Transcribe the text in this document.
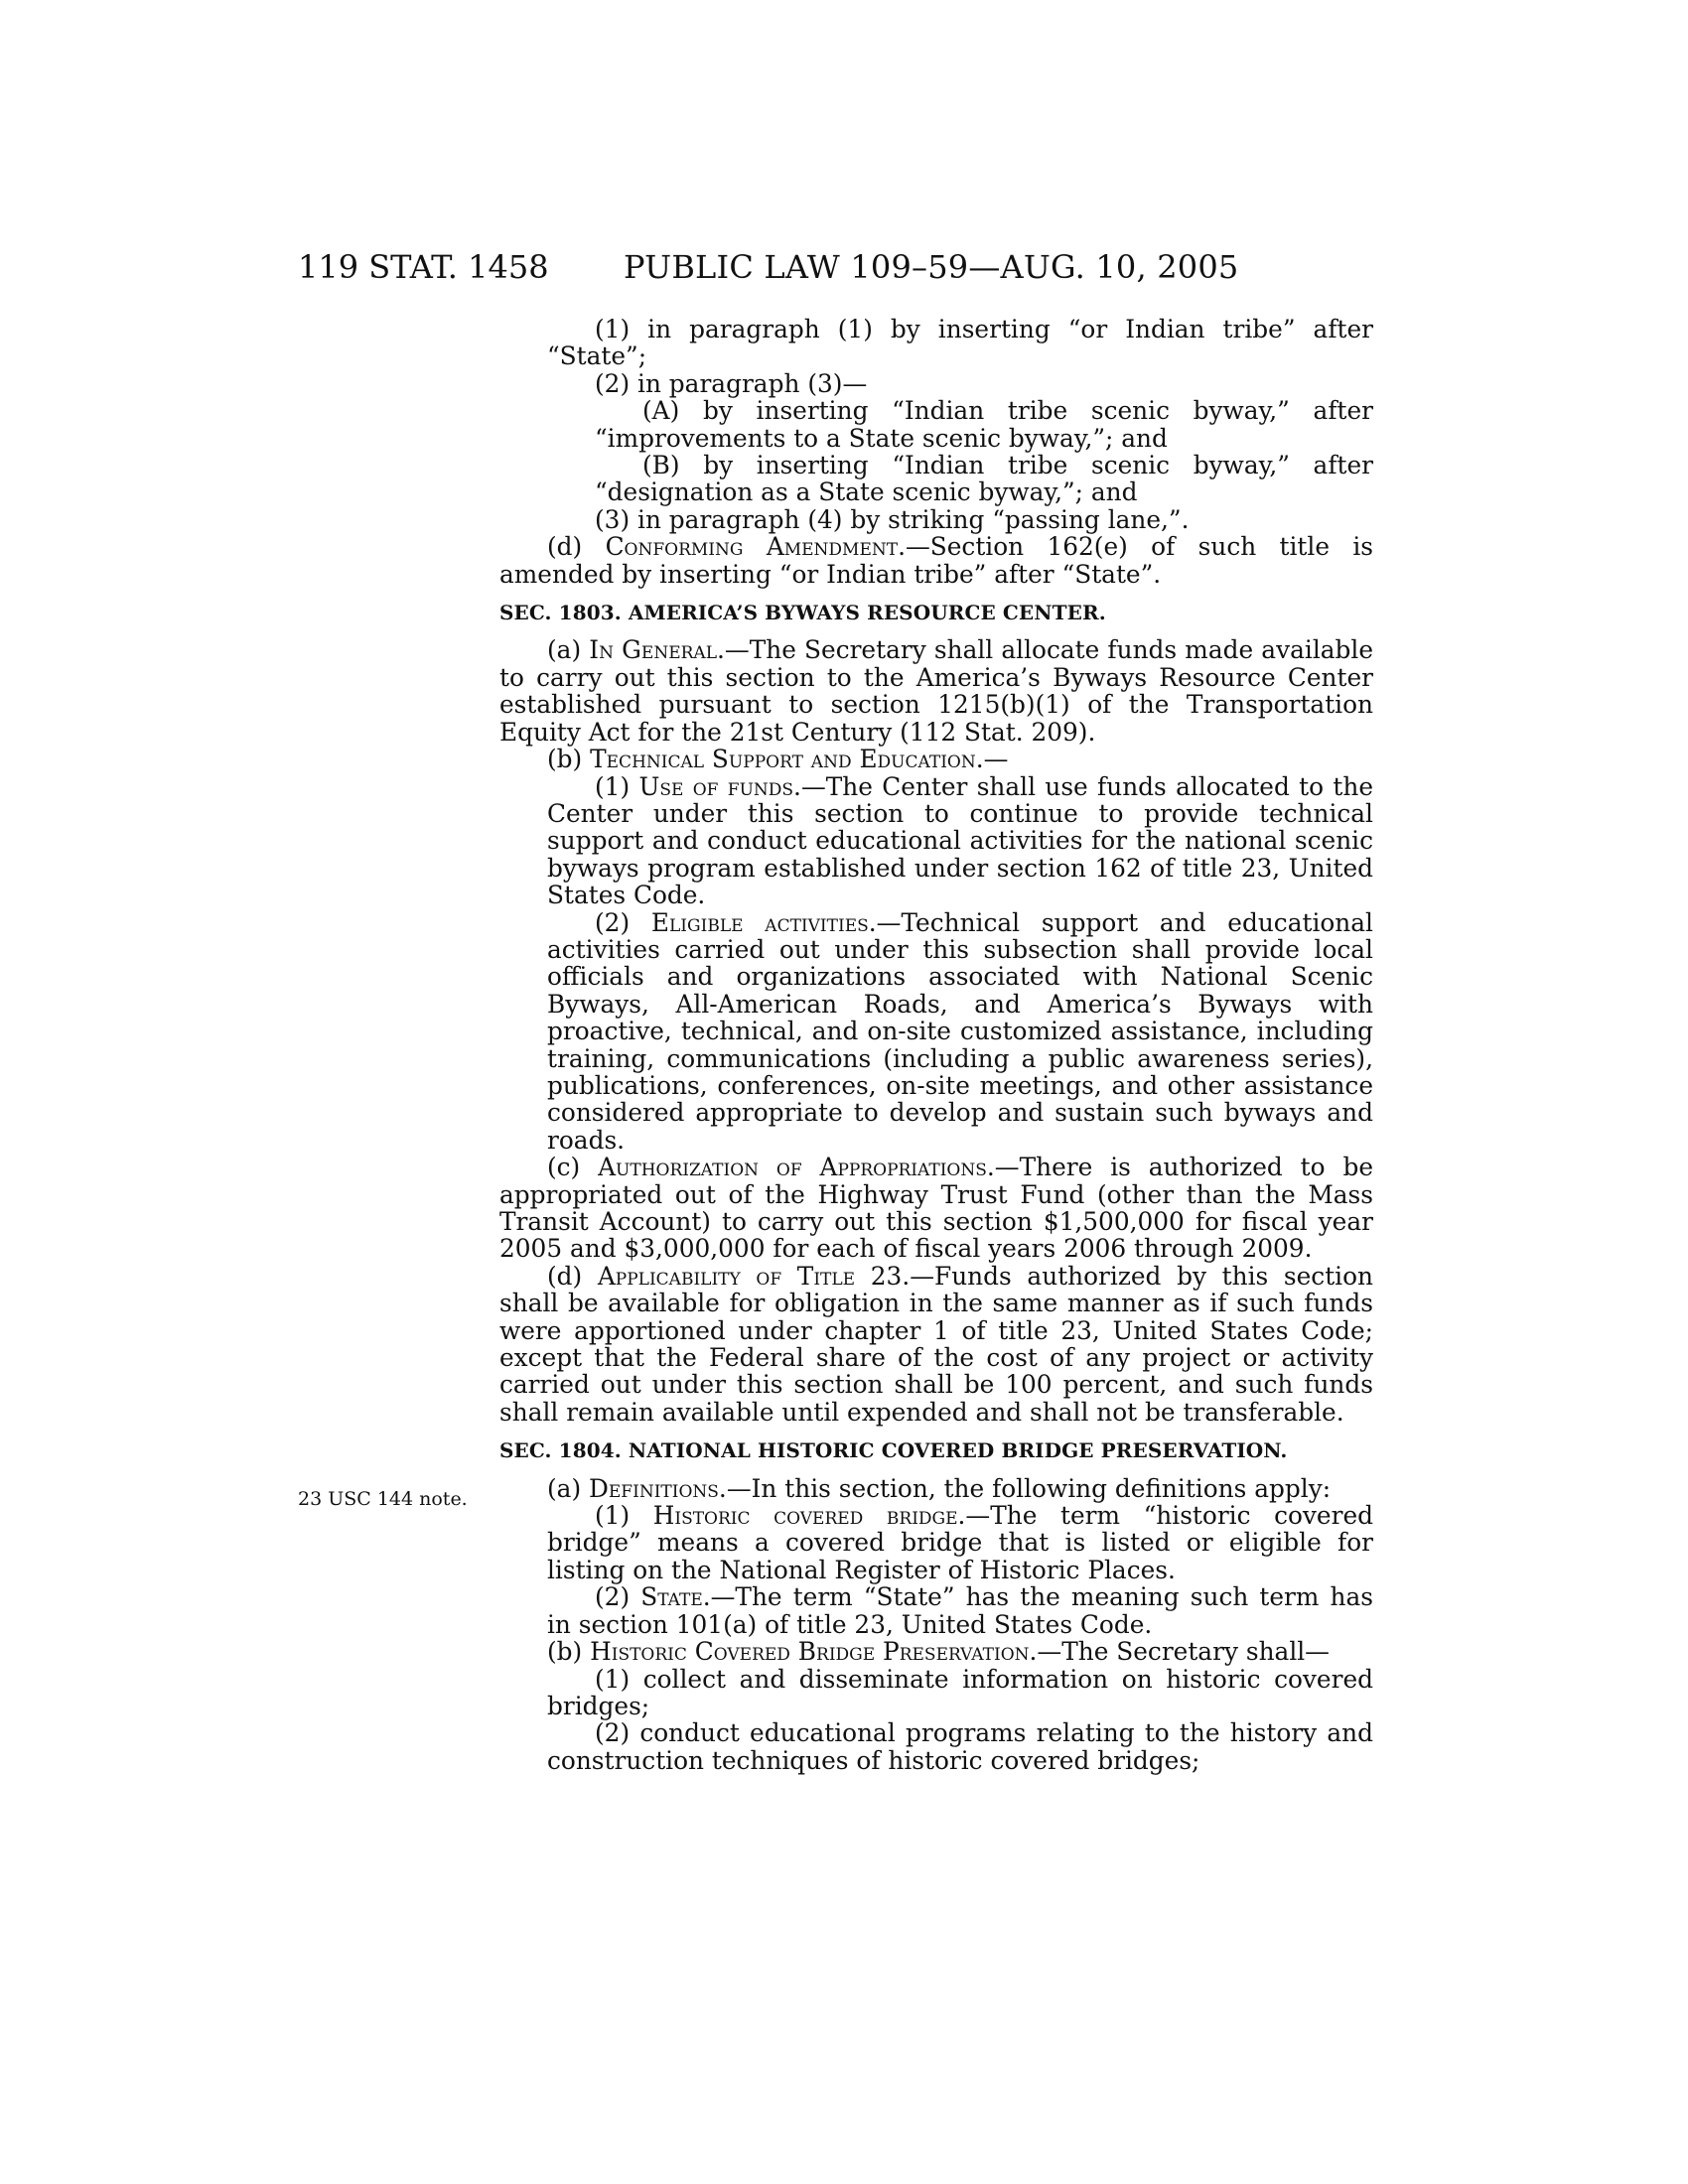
119 STAT. 1458 PUBLIC LAW 109–59—AUG. 10, 2005
23 USC 144 note.

(1) in paragraph (1) by inserting “or Indian tribe” after “State”;

(2) in paragraph (3)—

(A) by inserting “Indian tribe scenic byway,” after “improvements to a State scenic byway,”; and

(B) by inserting “Indian tribe scenic byway,” after “designation as a State scenic byway,”; and

(3) in paragraph (4) by striking “passing lane,”.

(d) Conforming Amendment.—Section 162(e) of such title is amended by inserting “or Indian tribe” after “State”.

SEC. 1803. AMERICA’S BYWAYS RESOURCE CENTER.

(a) In General.—The Secretary shall allocate funds made available to carry out this section to the America’s Byways Resource Center established pursuant to section 1215(b)(1) of the Transportation Equity Act for the 21st Century (112 Stat. 209).

(b) Technical Support and Education.—

(1) Use of funds.—The Center shall use funds allocated to the Center under this section to continue to provide technical support and conduct educational activities for the national scenic byways program established under section 162 of title 23, United States Code.

(2) Eligible activities.—Technical support and educational activities carried out under this subsection shall provide local officials and organizations associated with National Scenic Byways, All-American Roads, and America’s Byways with proactive, technical, and on-site customized assistance, including training, communications (including a public awareness series), publications, conferences, on-site meetings, and other assistance considered appropriate to develop and sustain such byways and roads.

(c) Authorization of Appropriations.—There is authorized to be appropriated out of the Highway Trust Fund (other than the Mass Transit Account) to carry out this section $1,500,000 for fiscal year 2005 and $3,000,000 for each of fiscal years 2006 through 2009.

(d) Applicability of Title 23.—Funds authorized by this section shall be available for obligation in the same manner as if such funds were apportioned under chapter 1 of title 23, United States Code; except that the Federal share of the cost of any project or activity carried out under this section shall be 100 percent, and such funds shall remain available until expended and shall not be transferable.

SEC. 1804. NATIONAL HISTORIC COVERED BRIDGE PRESERVATION.

(a) Definitions.—In this section, the following definitions apply:

(1) Historic covered bridge.—The term “historic covered bridge” means a covered bridge that is listed or eligible for listing on the National Register of Historic Places.

(2) State.—The term “State” has the meaning such term has in section 101(a) of title 23, United States Code.

(b) Historic Covered Bridge Preservation.—The Secretary shall—

(1) collect and disseminate information on historic covered bridges;

(2) conduct educational programs relating to the history and construction techniques of historic covered bridges;
